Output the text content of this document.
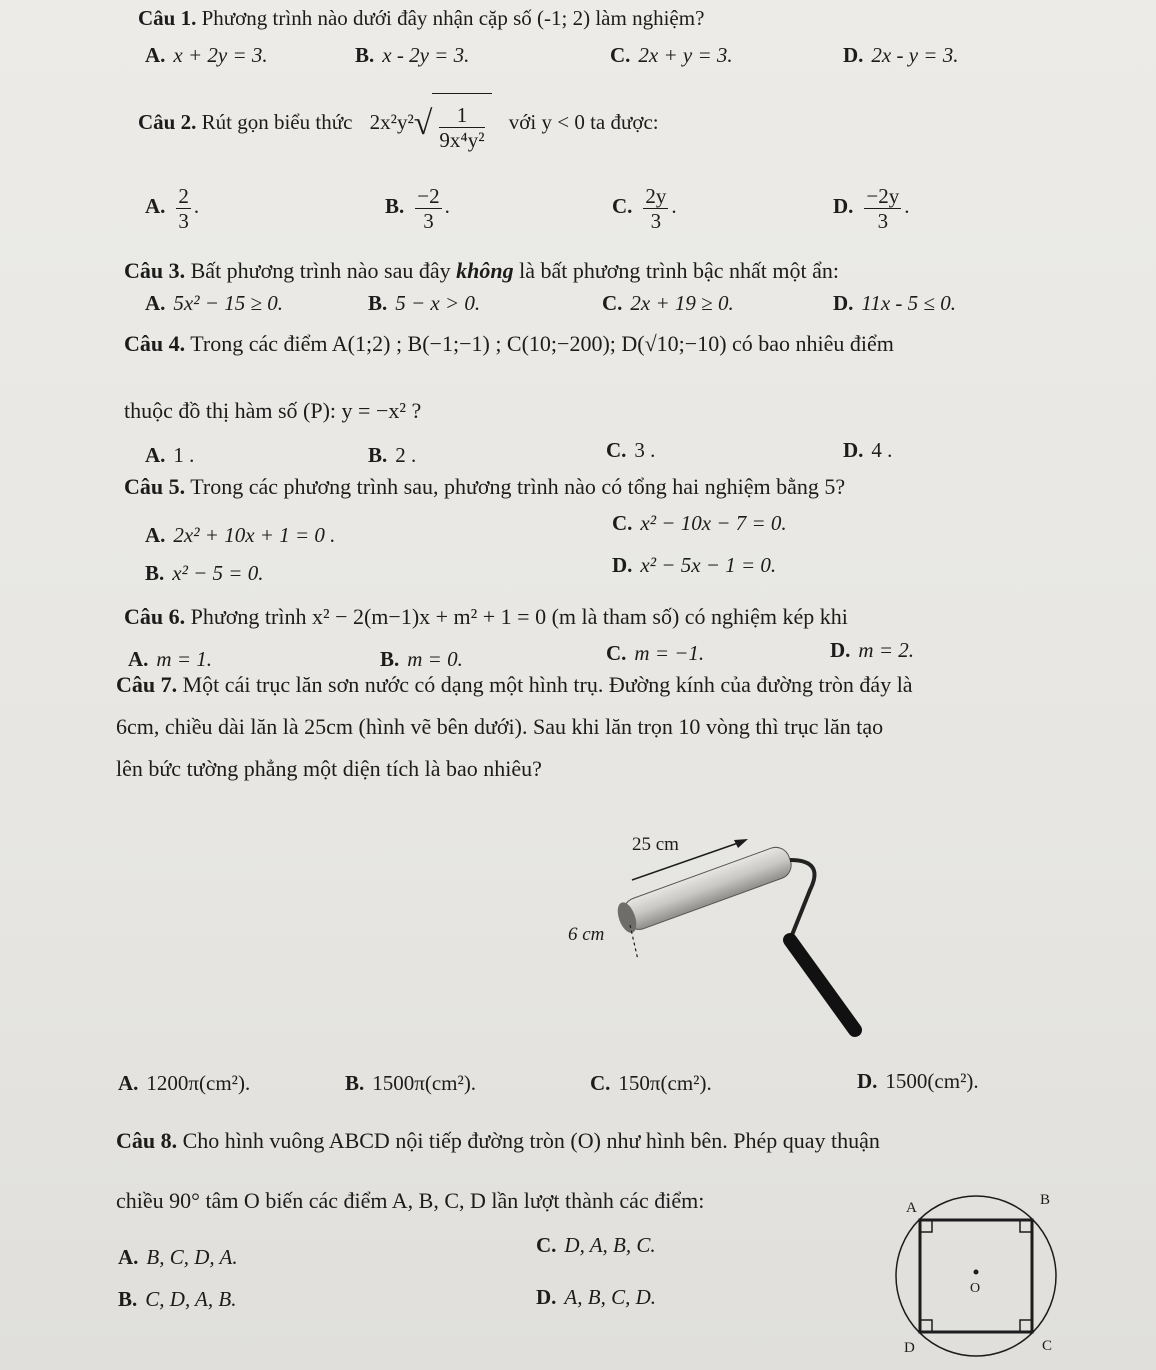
Câu 1. Phương trình nào dưới đây nhận cặp số (-1; 2) làm nghiệm?
A. x + 2y = 3.	B. x - 2y = 3.	C. 2x + y = 3.	D. 2x - y = 3.
Câu 2. Rút gọn biểu thức $2x^2y^2√ \frac{1}{\text{9x⁴y²}}$ với y < 0 ta được:
A. $\frac{2}{3}$ .	B. $\frac{-2}{3}$ .	C. $\frac{2y}{3}$ .	D. $\frac{-2y}{3}$ .
Câu 3. Bất phương trình nào sau đây không là bất phương trình bậc nhất một ẩn:
A. 5x² − 15 ≥ 0.	B. 5 − x > 0.	C. 2x + 19 ≥ 0.	D. 11x - 5 ≤ 0.
Câu 4. Trong các điểm A(1;2) ; B(−1;−1) ; C(10;−200); D(√10;−10) có bao nhiêu điểm
thuộc đồ thị hàm số (P): y = −x² ?
A. 1 .	B. 2 .	C. 3 .	D. 4 .
Câu 5. Trong các phương trình sau, phương trình nào có tổng hai nghiệm bằng 5?
A. 2x² + 10x + 1 = 0 .	C. x² − 10x − 7 = 0.
B. x² − 5 = 0.	D. x² − 5x − 1 = 0.
Câu 6. Phương trình x² − 2(m−1)x + m² + 1 = 0 (m là tham số) có nghiệm kép khi
A. m = 1.	B. m = 0.	C. m = −1.	D. m = 2.
Câu 7. Một cái trục lăn sơn nước có dạng một hình trụ. Đường kính của đường tròn đáy là
6cm, chiều dài lăn là 25cm (hình vẽ bên dưới). Sau khi lăn trọn 10 vòng thì trục lăn tạo
lên bức tường phẳng một diện tích là bao nhiêu?
25 cm
6 cm
A. 1200π(cm²).	B. 1500π(cm²).	C. 150π(cm²).	D. 1500(cm²).
Câu 8. Cho hình vuông ABCD nội tiếp đường tròn (O) như hình bên. Phép quay thuận
chiều 90° tâm O biến các điểm A, B, C, D lần lượt thành các điểm:	A	B
C
D
O
A. B, C, D, A.	C. D, A, B, C.
B. C, D, A, B.	D. A, B, C, D.
